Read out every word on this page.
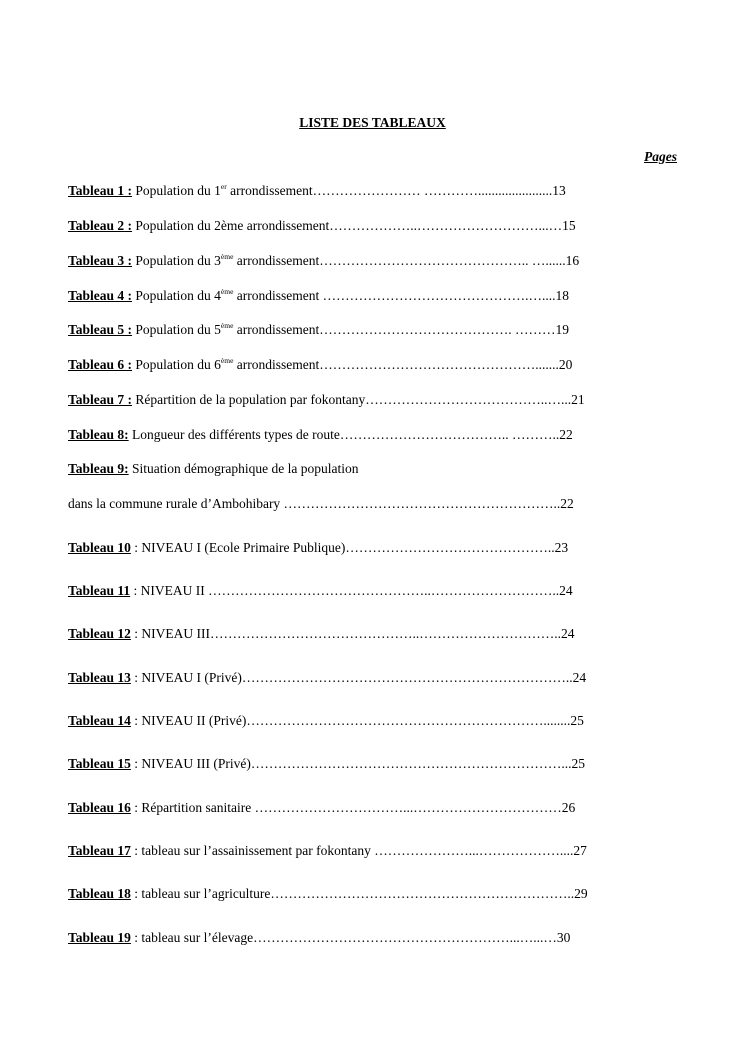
LISTE DES TABLEAUX
Pages
Tableau 1 : Population du 1er arrondissement…………………… …………......................13
Tableau 2 : Population du 2ème arrondissement………………..………………………...…15
Tableau 3 : Population du 3ème arrondissement……………………………………….. …......16
Tableau 4 : Population du 4ème arrondissement ……………………………………….…....18
Tableau 5 : Population du 5ème arrondissement……………………………………. ………19
Tableau 6 : Population du 6ème arrondissement………………………………………….......20
Tableau 7 : Répartition de la population par fokontany…………………………………..…...21
Tableau 8: Longueur des différents types de route……………………………….. ………..22
Tableau 9: Situation démographique de la population
dans la commune rurale d’Ambohibary ……………………………………………………..22
Tableau 10 : NIVEAU I (Ecole Primaire Publique)………………………………………..23
Tableau 11 : NIVEAU II …………………………………………..………………………..24
Tableau 12 : NIVEAU III………………………………………..…………………………..24
Tableau 13 : NIVEAU I (Privé)………………………………………………………………..24
Tableau 14 : NIVEAU II (Privé)…………………………………………………………........25
Tableau 15 : NIVEAU III (Privé)……………………………………………………………...25
Tableau 16 : Répartition sanitaire ……………………………...……………………………26
Tableau 17 : tableau sur l’assainissement par fokontany …………………...………………....27
Tableau 18 : tableau sur l’agriculture…………………………………………………………..29
Tableau 19 : tableau sur l’élevage…………………………………………………...…...…30
